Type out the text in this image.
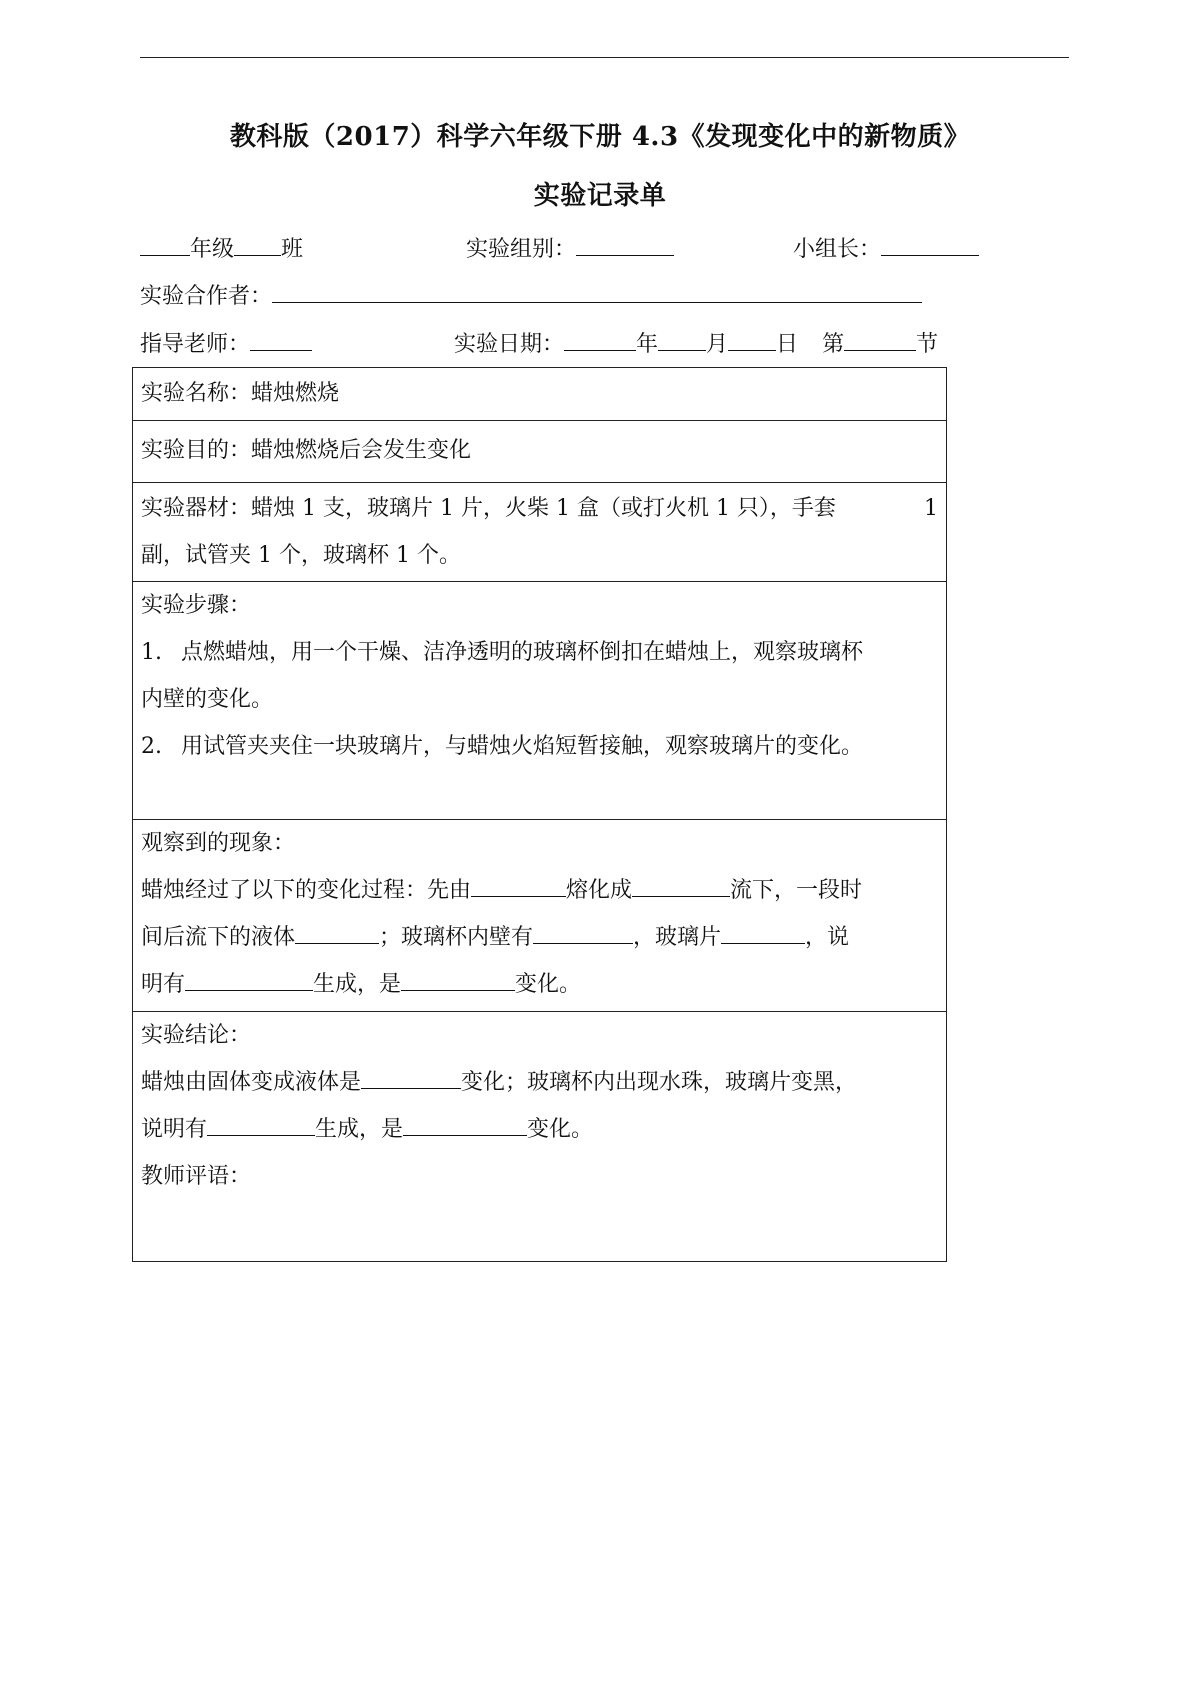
教科版（2017）科学六年级下册 4.3《发现变化中的新物质》
实验记录单
年级 班	实验组别：	小组长：
实验合作者：
指导老师：	实验日期：	年 月 日 第	节

实验名称：蜡烛燃烧

实验目的：蜡烛燃烧后会发生变化

实验器材：蜡烛 1 支，玻璃片 1 片，火柴 1 盒（或打火机 1 只），手套	1

副，试管夹 1 个，玻璃杯 1 个。

实验步骤：

1. 点燃蜡烛，用一个干燥、洁净透明的玻璃杯倒扣在蜡烛上，观察玻璃杯

内壁的变化。

2. 用试管夹夹住一块玻璃片，与蜡烛火焰短暂接触，观察玻璃片的变化。

观察到的现象：

蜡烛经过了以下的变化过程：先由	熔化成	流下，一段时

间后流下的液体	；玻璃杯内壁有	，玻璃片	，说

明有	生成，是	变化。

实验结论：

蜡烛由固体变成液体是	变化；玻璃杯内出现水珠，玻璃片变黑，

说明有	生成，是	变化。

教师评语：
